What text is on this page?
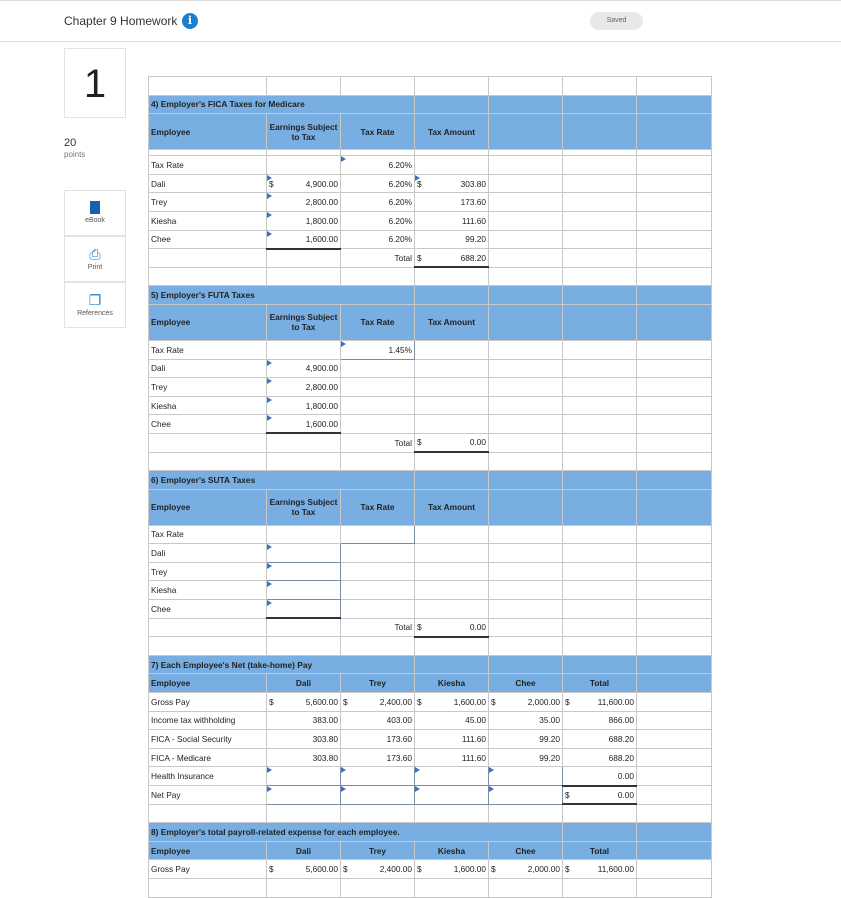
Chapter 9 Homework i	Saved
1
20
points
eBook
⎙
Print
❐
References

4) Employer's FICA Taxes for Medicare						
Employee	Earnings Subject to Tax	Tax Rate	Tax Amount			

Tax Rate		6.20%				
Dali	$ 4,900.00	6.20%	$ 303.80			
Trey	2,800.00	6.20%	173.60			
Kiesha	1,800.00	6.20%	111.60			
Chee	1,600.00	6.20%	99.20			
		Total	$ 688.20			

5) Employer's FUTA Taxes						
Employee	Earnings Subject to Tax	Tax Rate	Tax Amount			
Tax Rate		1.45%				
Dali	4,900.00					
Trey	2,800.00					
Kiesha	1,800.00					
Chee	1,600.00					
		Total	$ 0.00			

6) Employer's SUTA Taxes						
Employee	Earnings Subject to Tax	Tax Rate	Tax Amount			
Tax Rate						
Dali						
Trey						
Kiesha						
Chee						
		Total	$ 0.00			

7) Each Employee's Net (take-home) Pay						
Employee	Dali	Trey	Kiesha	Chee	Total	
Gross Pay	$ 5,600.00	$ 2,400.00	$ 1,600.00	$ 2,000.00	$ 11,600.00	
Income tax withholding	383.00	403.00	45.00	35.00	866.00	
FICA - Social Security	303.80	173.60	111.60	99.20	688.20	
FICA - Medicare	303.80	173.60	111.60	99.20	688.20	
Health Insurance					0.00	
Net Pay					$ 0.00	

8) Employer's total payroll-related expense for each employee.						
Employee	Dali	Trey	Kiesha	Chee	Total	
Gross Pay	$ 5,600.00	$ 2,400.00	$ 1,600.00	$ 2,000.00	$ 11,600.00	
